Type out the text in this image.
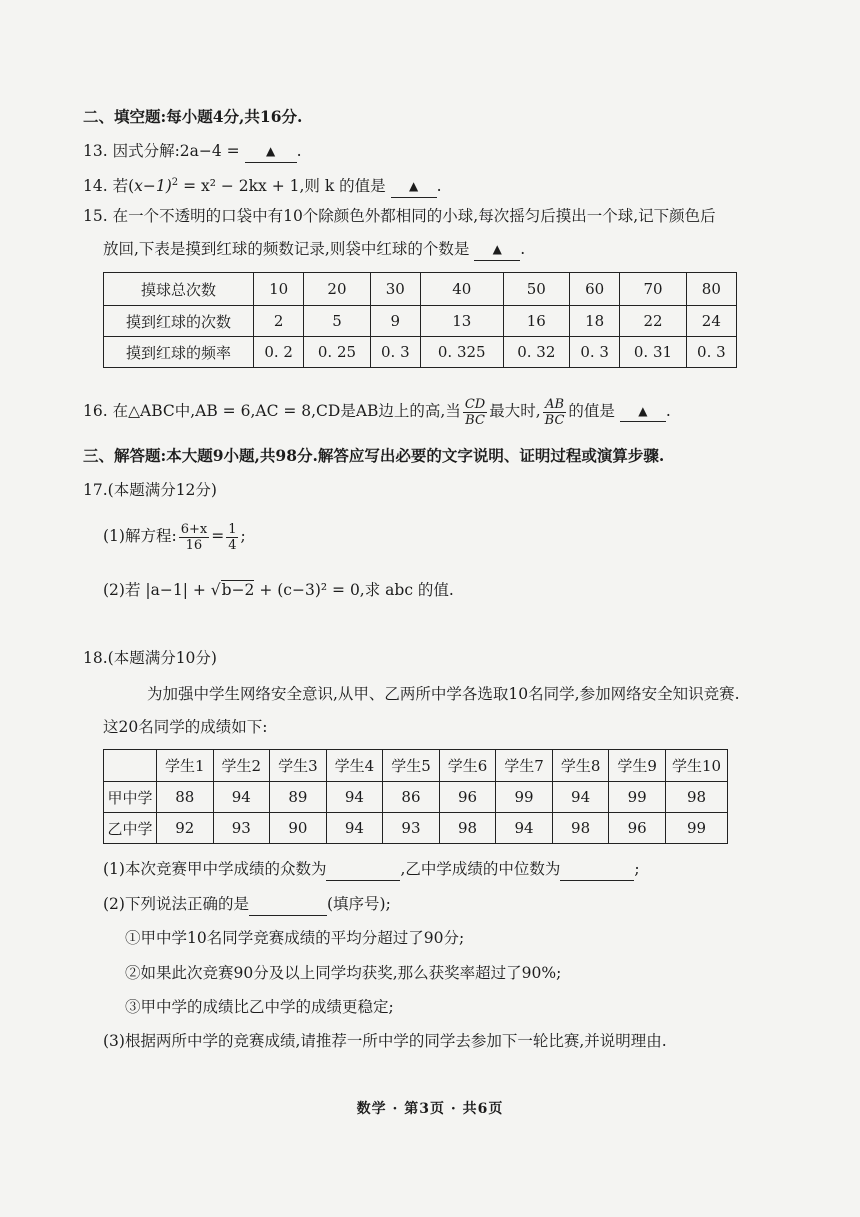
二、填空题:每小题4分,共16分.
13. 因式分解:2a−4 = ▲ .
14. 若$(x-1)^2 = x^2 - 2kx + 1$,则 k 的值是 ▲ .
15. 在一个不透明的口袋中有10个除颜色外都相同的小球,每次摇匀后摸出一个球,记下颜色后
放回,下表是摸到红球的频数记录,则袋中红球的个数是 ▲ .
摸球总次数	10	20	30	40	50	60	70	80
摸到红球的次数	2	5	9	13	16	18	22	24
摸到红球的频率	0. 2	0. 25	0. 3	0. 325	0. 32	0. 3	0. 31	0. 3
16. 在△ABC中,AB = 6,AC = 8,CD是AB边上的高,当 $\frac{CD}{BC}$ 最大时, $\frac{AB}{BC}$ 的值是 ▲ .
三、解答题:本大题9小题,共98分.解答应写出必要的文字说明、证明过程或演算步骤.
17.(本题满分12分)
(1)解方程: $\frac{6+x}{16} = \frac{1}{4}$ ;
(2)若 |a−1| + √b−2 + (c−3)² = 0,求 abc 的值.
18.(本题满分10分)
为加强中学生网络安全意识,从甲、乙两所中学各选取10名同学,参加网络安全知识竞赛.
这20名同学的成绩如下:
	学生1	学生2	学生3	学生4	学生5	学生6	学生7	学生8	学生9	学生10
甲中学	88	94	89	94	86	96	99	94	99	98
乙中学	92	93	90	94	93	98	94	98	96	99
(1)本次竞赛甲中学成绩的众数为	,乙中学成绩的中位数为	;
(2)下列说法正确的是	(填序号);
①甲中学10名同学竞赛成绩的平均分超过了90分;
②如果此次竞赛90分及以上同学均获奖,那么获奖率超过了90%;
③甲中学的成绩比乙中学的成绩更稳定;
(3)根据两所中学的竞赛成绩,请推荐一所中学的同学去参加下一轮比赛,并说明理由.
数学 · 第3页 · 共6页
